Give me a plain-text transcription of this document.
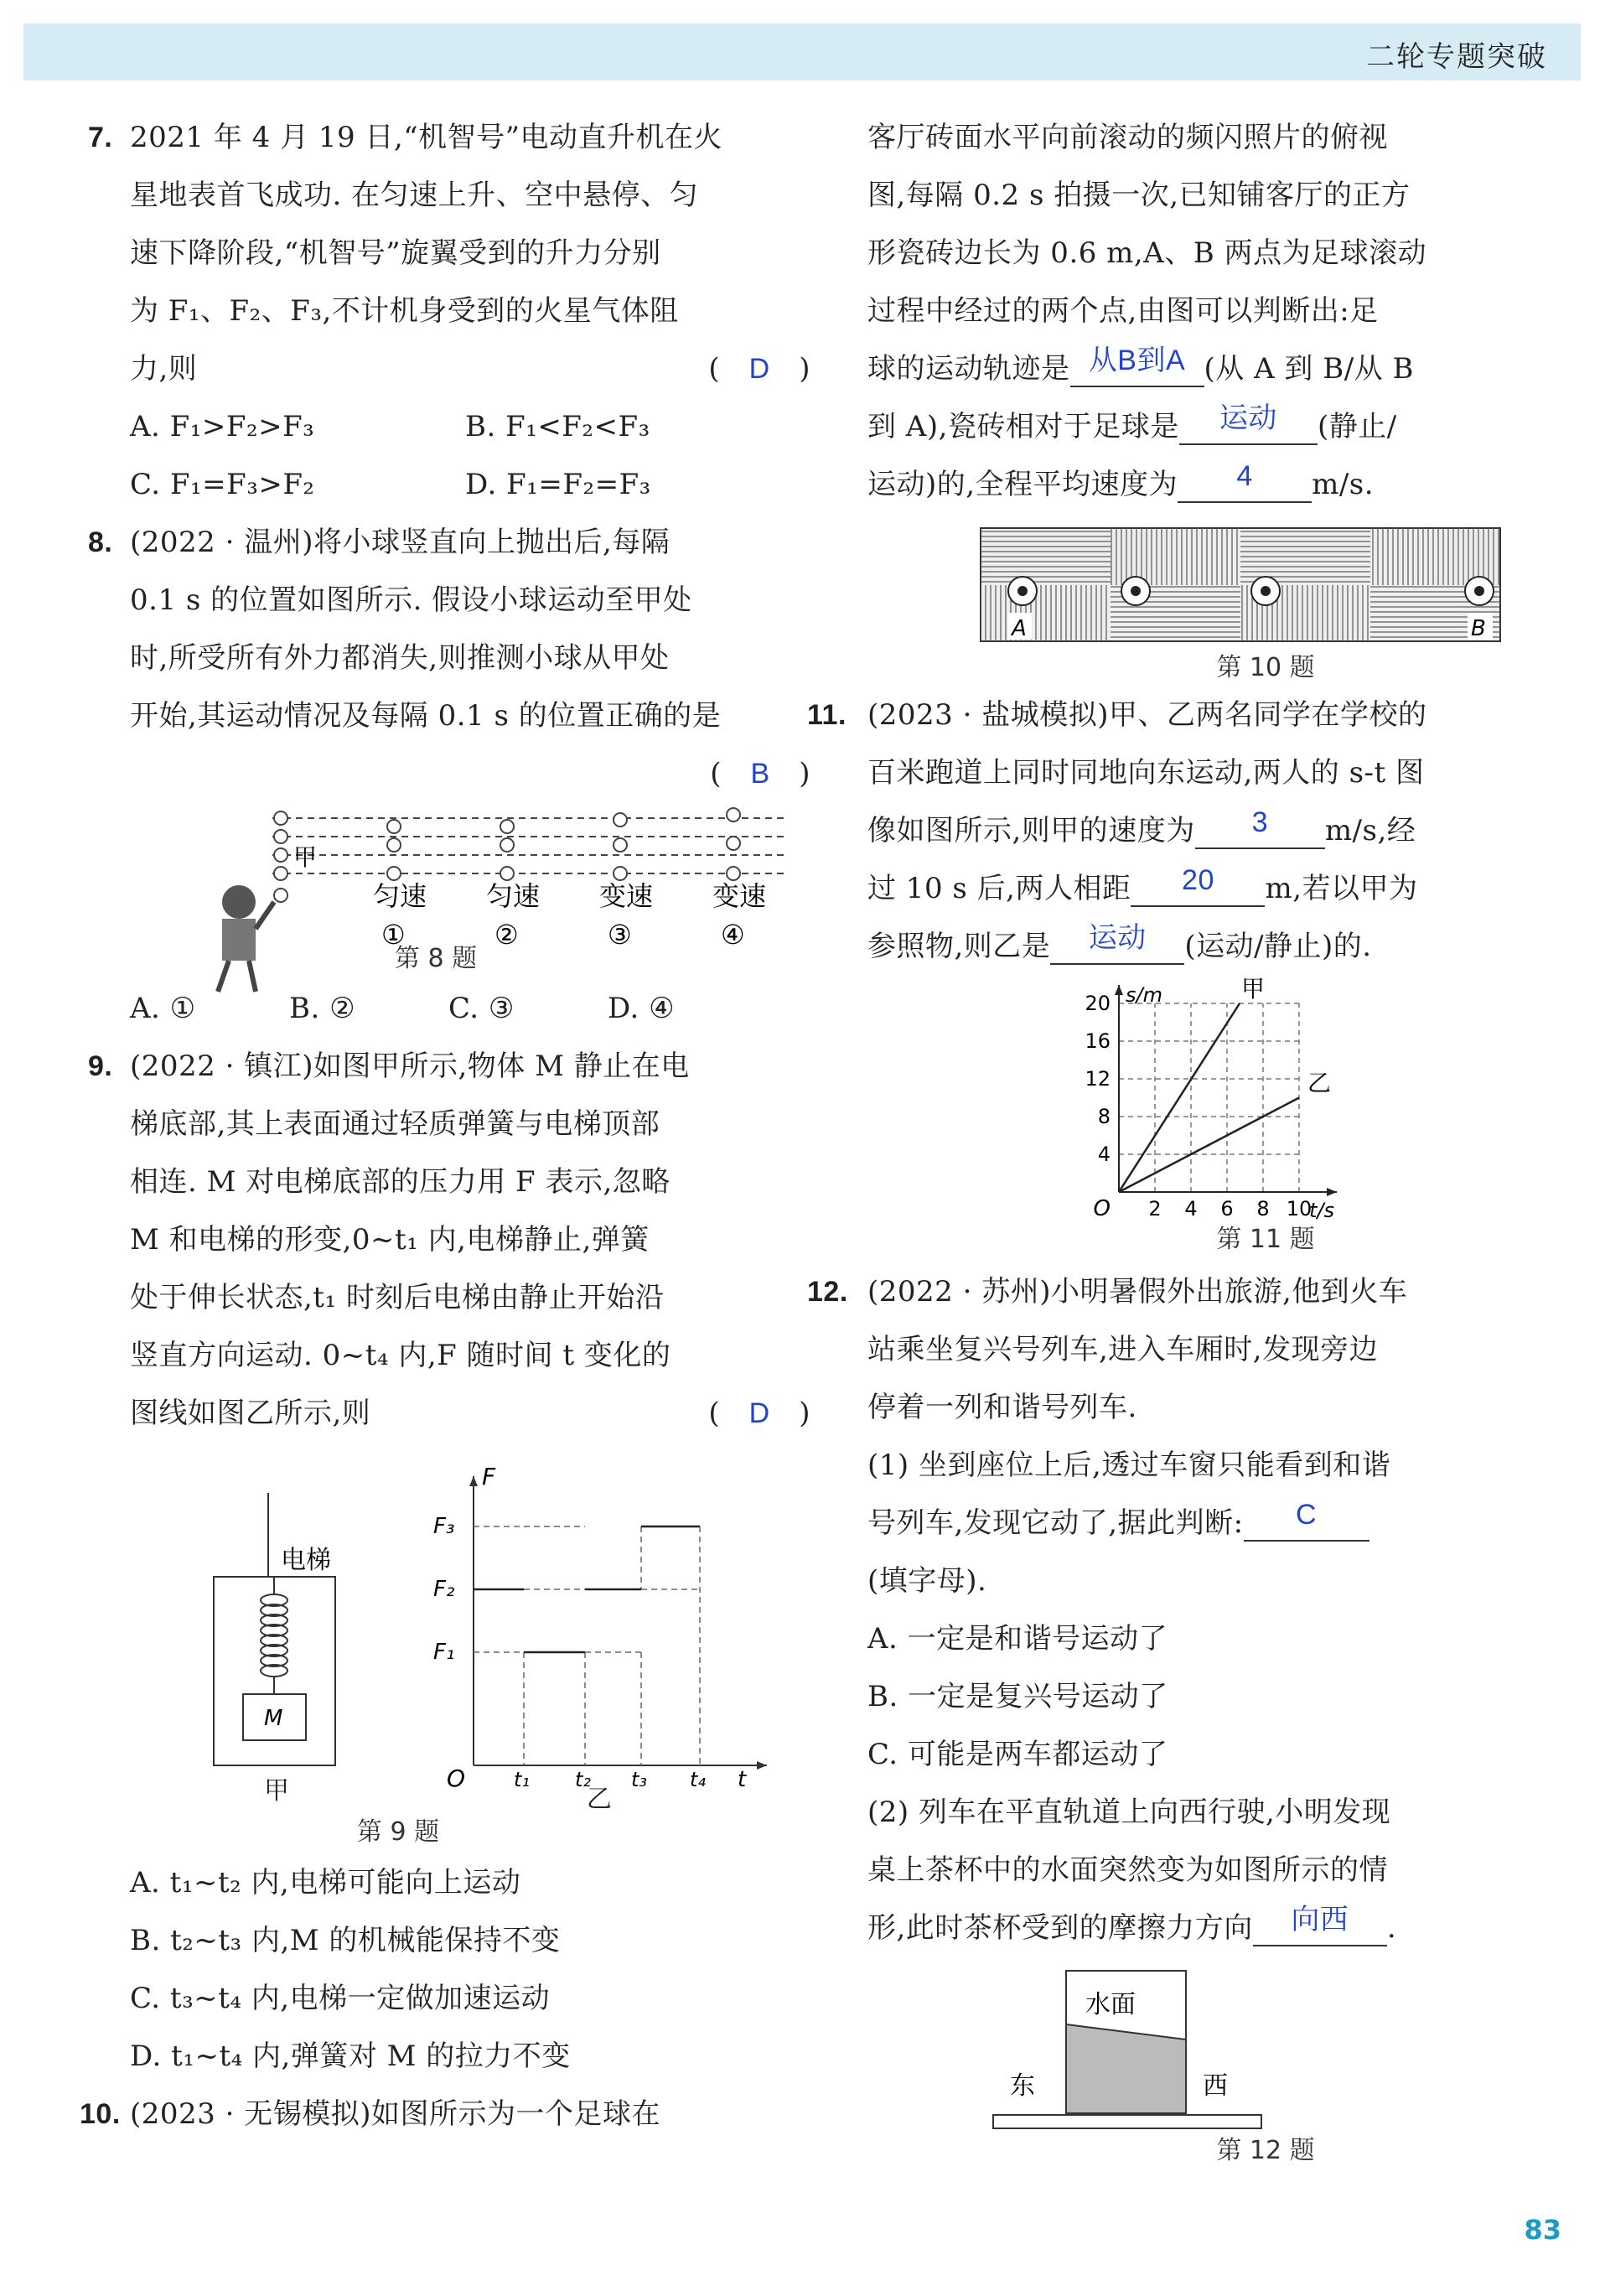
二轮专题突破
7. 2021 年 4 月 19 日,“机智号”电动直升机在火
星地表首飞成功. 在匀速上升、空中悬停、匀
速下降阶段,“机智号”旋翼受到的升力分别
为 F₁、F₂、F₃,不计机身受到的火星气体阻
力,则	(　D　)
A. F₁>F₂>F₃	B. F₁<F₂<F₃
C. F₁=F₃>F₂	D. F₁=F₂=F₃
8. (2022 · 温州)将小球竖直向上抛出后,每隔
0.1 s 的位置如图所示. 假设小球运动至甲处
时,所受所有外力都消失,则推测小球从甲处
开始,其运动情况及每隔 0.1 s 的位置正确的是
(　B　)
甲
匀速 匀速 变速 变速
①	②	③	④
第 8 题
A. ①	B. ②	C. ③	D. ④
9. (2022 · 镇江)如图甲所示,物体 M 静止在电
梯底部,其上表面通过轻质弹簧与电梯顶部
相连. M 对电梯底部的压力用 F 表示,忽略
M 和电梯的形变,0~t₁ 内,电梯静止,弹簧
处于伸长状态,t₁ 时刻后电梯由静止开始沿
竖直方向运动. 0~t₄ 内,F 随时间 t 变化的
图线如图乙所示,则	(　D　)
电梯
M
F
F₃
F₂
F₁
O t₁ t₂ t₃ t₄ t
甲	乙
第 9 题
A. t₁~t₂ 内,电梯可能向上运动
B. t₂~t₃ 内,M 的机械能保持不变
C. t₃~t₄ 内,电梯一定做加速运动
D. t₁~t₄ 内,弹簧对 M 的拉力不变
10. (2023 · 无锡模拟)如图所示为一个足球在
客厅砖面水平向前滚动的频闪照片的俯视
图,每隔 0.2 s 拍摄一次,已知铺客厅的正方
形瓷砖边长为 0.6 m,A、B 两点为足球滚动
过程中经过的两个点,由图可以判断出:足
球的运动轨迹是 从B到A (从 A 到 B/从 B
到 A),瓷砖相对于足球是 运动 (静止/
运动)的,全程平均速度为 4 m/s.
A	B
第 10 题
11. (2023 · 盐城模拟)甲、乙两名同学在学校的
百米跑道上同时同地向东运动,两人的 s-t 图
像如图所示,则甲的速度为 3 m/s,经
过 10 s 后,两人相距 20 m,若以甲为
参照物,则乙是 运动 (运动/静止)的.
2 4 6 8 10
4
8
12
16
20
O
s/m
t/s
甲
乙
第 11 题
12. (2022 · 苏州)小明暑假外出旅游,他到火车
站乘坐复兴号列车,进入车厢时,发现旁边
停着一列和谐号列车.
(1) 坐到座位上后,透过车窗只能看到和谐
号列车,发现它动了,据此判断: C
(填字母).
A. 一定是和谐号运动了
B. 一定是复兴号运动了
C. 可能是两车都运动了
(2) 列车在平直轨道上向西行驶,小明发现
桌上茶杯中的水面突然变为如图所示的情
形,此时茶杯受到的摩擦力方向 向西 .
水面
东	西
第 12 题
83
